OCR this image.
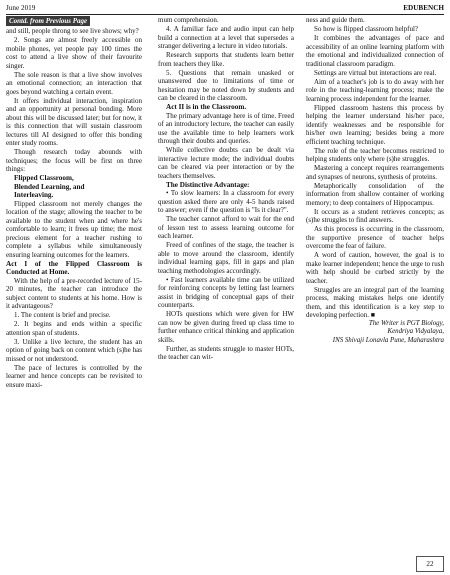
June 2019	EDUBENCH
Contd. from Previous Page

and still, people throng to see live shows; why?

2. Songs are almost freely accessible on mobile phones, yet people pay 100 times the cost to attend a live show of their favourite singer.

The sole reason is that a live show involves an emotional connection; an interaction that goes beyond watching a certain event.

It offers individual interaction, inspiration and an opportunity at personal bonding. More about this will be discussed later; but for now, it is this connection that will sustain classroom lectures till AI designed to offer this bonding enter study rooms.

Though research today abounds with techniques; the focus will be first on three things:

Flipped Classroom,
Blended Learning, and
Interleaving.

Flipped classroom not merely changes the location of the stage; allowing the teacher to be available to the student when and where he's comfortable to learn; it frees up time; the most precious element for a teacher rushing to complete a syllabus while simultaneously ensuring learning outcomes for the learners.

Act I of the Flipped Classroom is Conducted at Home.

With the help of a pre-recorded lecture of 15-20 minutes, the teacher can introduce the subject content to students at his home. How is it advantageous?

1. The content is brief and precise.

2. It begins and ends within a specific attention span of students.

3. Unlike a live lecture, the student has an option of going back on content which (s)he has missed or not understood.

The pace of lectures is controlled by the learner and hence concepts can be revisited to ensure maxi-

mum comprehension.

4. A familiar face and audio input can help build a connection at a level that supersedes a stranger delivering a lecture in video tutorials.

Research supports that students learn better from teachers they like.

5. Questions that remain unasked or unanswered due to limitations of time or hesitation may be noted down by students and can be cleared in the classroom.

Act II is in the Classroom.

The primary advantage here is of time. Freed of an introductory lecture, the teacher can easily use the available time to help learners work through their doubts and queries.

While collective doubts can be dealt via interactive lecture mode; the individual doubts can be cleared via peer interaction or by the teachers themselves.

The Distinctive Advantage:

• To slow learners: In a classroom for every question asked there are only 4-5 hands raised to answer; even if the question is "Is it clear?".

The teacher cannot afford to wait for the end of lesson test to assess learning outcome for each learner.

Freed of confines of the stage, the teacher is able to move around the classroom, identify individual learning gaps, fill in gaps and plan teaching methodologies accordingly.

• Fast learners available time can be utilized for reinforcing concepts by letting fast learners assist in bridging of conceptual gaps of their counterparts.

HOTs questions which were given for HW can now be given during freed up class time to further enhance critical thinking and application skills.

Further, as students struggle to master HOTs, the teacher can wit-

ness and guide them.

So how is flipped classroom helpful?

It combines the advantages of pace and accessibility of an online learning platform with the emotional and individualized connection of traditional classroom paradigm.

Settings are virtual but interactions are real.

Aim of a teacher's job is to do away with her role in the teaching-learning process; make the learning process independent for the learner.

Flipped classroom hastens this process by helping the learner understand his/her pace, identify weaknesses and be responsible for his/her own learning; besides being a more efficient teaching technique.

The role of the teacher becomes restricted to helping students only where (s)he struggles.

Mastering a concept requires rearrangements and synapses of neurons, synthesis of proteins.

Metaphorically consolidation of the information from shallow container of working memory; to deep containers of Hippocampus.

It occurs as a student retrieves concepts; as (s)he struggles to find answers.

As this process is occurring in the classroom, the supportive presence of teacher helps overcome the fear of failure.

A word of caution, however, the goal is to make learner independent; hence the urge to rush with help should be curbed strictly by the teacher.

Struggles are an integral part of the learning process, making mistakes helps one identify them, and this identification is a key step to developing perfection. ■

The Writer is PGT Biology,
Kendriya Vidyalaya,
INS Shivaji Lonavla Pune, Maharashtra
22
